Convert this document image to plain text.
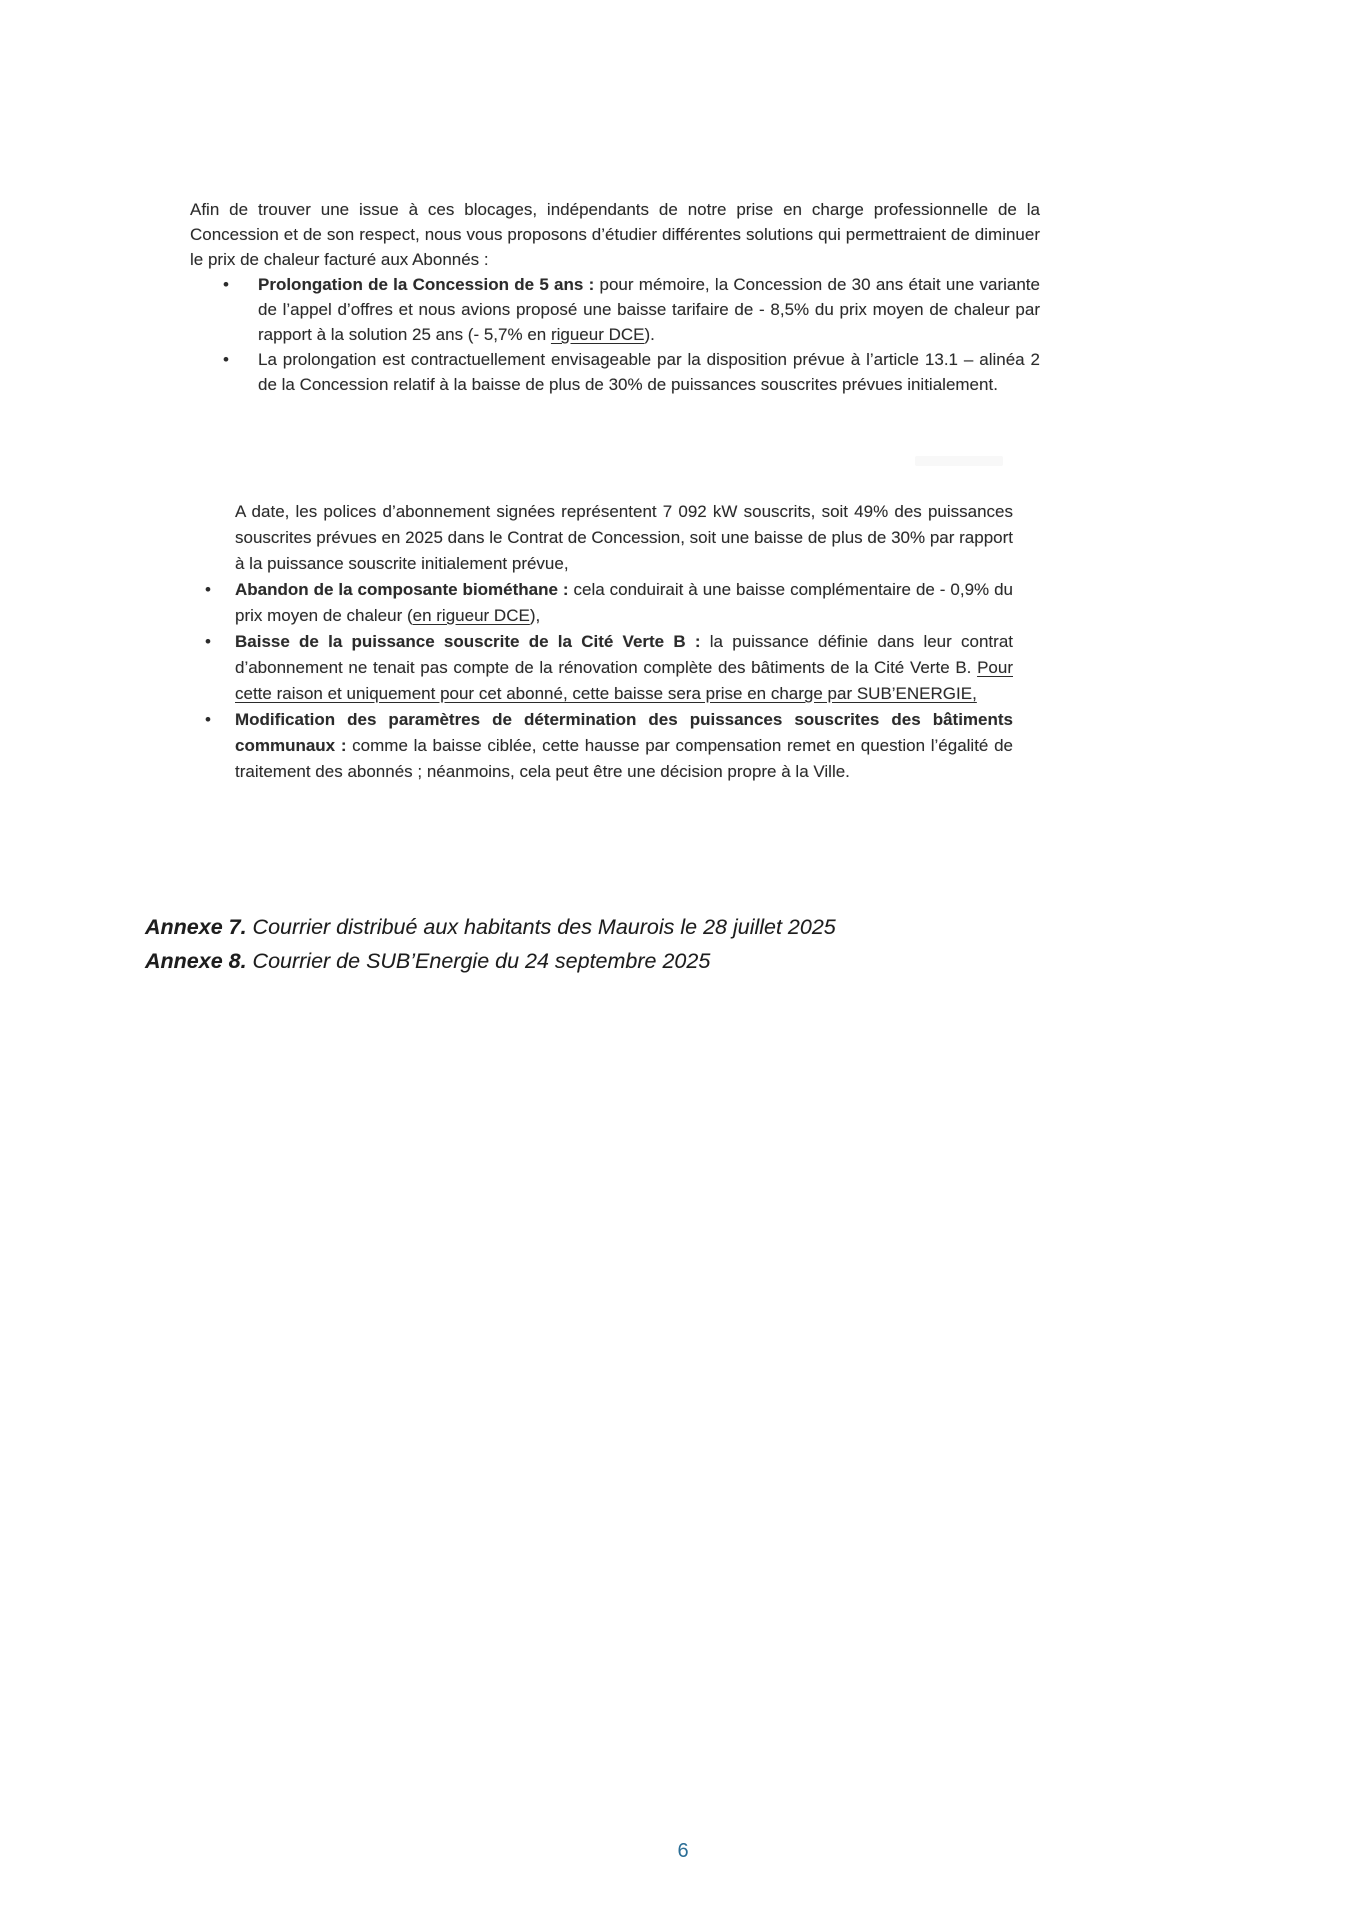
Afin de trouver une issue à ces blocages, indépendants de notre prise en charge professionnelle de la Concession et de son respect, nous vous proposons d’étudier différentes solutions qui permettraient de diminuer le prix de chaleur facturé aux Abonnés :

• Prolongation de la Concession de 5 ans : pour mémoire, la Concession de 30 ans était une variante de l’appel d’offres et nous avions proposé une baisse tarifaire de - 8,5% du prix moyen de chaleur par rapport à la solution 25 ans (- 5,7% en rigueur DCE).
• La prolongation est contractuellement envisageable par la disposition prévue à l’article 13.1 – alinéa 2 de la Concession relatif à la baisse de plus de 30% de puissances souscrites prévues initialement.

A date, les polices d’abonnement signées représentent 7 092 kW souscrits, soit 49% des puissances souscrites prévues en 2025 dans le Contrat de Concession, soit une baisse de plus de 30% par rapport à la puissance souscrite initialement prévue,

• Abandon de la composante biométhane : cela conduirait à une baisse complémentaire de - 0,9% du prix moyen de chaleur (en rigueur DCE),
• Baisse de la puissance souscrite de la Cité Verte B : la puissance définie dans leur contrat d’abonnement ne tenait pas compte de la rénovation complète des bâtiments de la Cité Verte B. Pour cette raison et uniquement pour cet abonné, cette baisse sera prise en charge par SUB’ENERGIE,
• Modification des paramètres de détermination des puissances souscrites des bâtiments communaux : comme la baisse ciblée, cette hausse par compensation remet en question l’égalité de traitement des abonnés ; néanmoins, cela peut être une décision propre à la Ville.
Annexe 7. Courrier distribué aux habitants des Maurois le 28 juillet 2025
Annexe 8. Courrier de SUB’Energie du 24 septembre 2025
6
